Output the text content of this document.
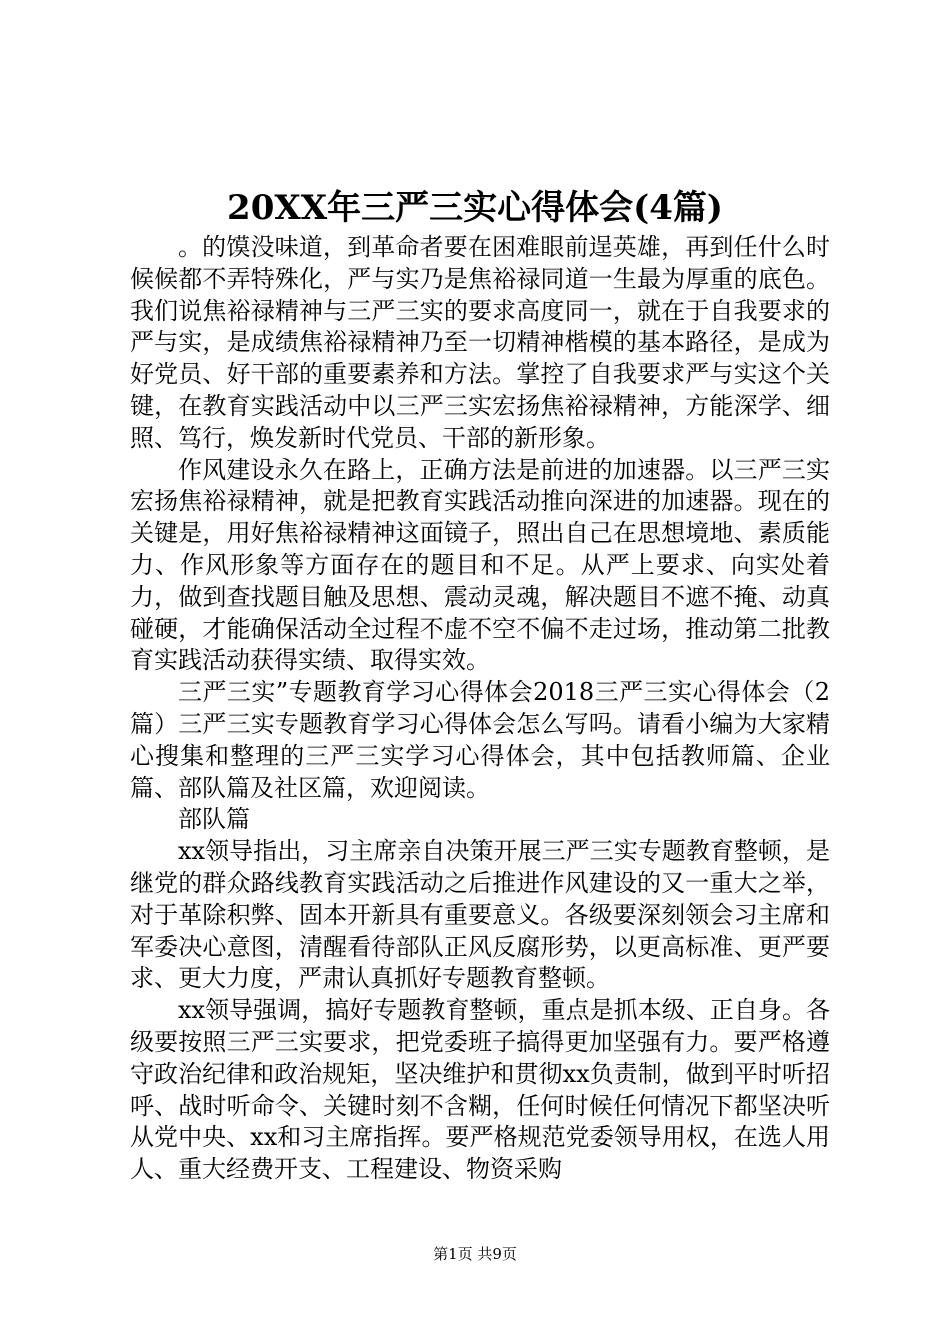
20XX年三严三实心得体会(4篇)

。的馍没味道，到革命者要在困难眼前逞英雄，再到任什么时候候都不弄特殊化，严与实乃是焦裕禄同道一生最为厚重的底色。我们说焦裕禄精神与三严三实的要求高度同一，就在于自我要求的严与实，是成绩焦裕禄精神乃至一切精神楷模的基本路径，是成为好党员、好干部的重要素养和方法。掌控了自我要求严与实这个关键，在教育实践活动中以三严三实宏扬焦裕禄精神，方能深学、细照、笃行，焕发新时代党员、干部的新形象。

作风建设永久在路上，正确方法是前进的加速器。以三严三实宏扬焦裕禄精神，就是把教育实践活动推向深进的加速器。现在的关键是，用好焦裕禄精神这面镜子，照出自己在思想境地、素质能力、作风形象等方面存在的题目和不足。从严上要求、向实处着力，做到查找题目触及思想、震动灵魂，解决题目不遮不掩、动真碰硬，才能确保活动全过程不虚不空不偏不走过场，推动第二批教育实践活动获得实绩、取得实效。

三严三实”专题教育学习心得体会2018三严三实心得体会（2篇）三严三实专题教育学习心得体会怎么写吗。请看小编为大家精心搜集和整理的三严三实学习心得体会，其中包括教师篇、企业篇、部队篇及社区篇，欢迎阅读。

部队篇

xx领导指出，习主席亲自决策开展三严三实专题教育整顿，是继党的群众路线教育实践活动之后推进作风建设的又一重大之举，对于革除积弊、固本开新具有重要意义。各级要深刻领会习主席和军委决心意图，清醒看待部队正风反腐形势，以更高标准、更严要求、更大力度，严肃认真抓好专题教育整顿。

xx领导强调，搞好专题教育整顿，重点是抓本级、正自身。各级要按照三严三实要求，把党委班子搞得更加坚强有力。要严格遵守政治纪律和政治规矩，坚决维护和贯彻xx负责制，做到平时听招呼、战时听命令、关键时刻不含糊，任何时候任何情况下都坚决听从党中央、xx和习主席指挥。要严格规范党委领导用权，在选人用人、重大经费开支、工程建设、物资采购

第1页 共9页
